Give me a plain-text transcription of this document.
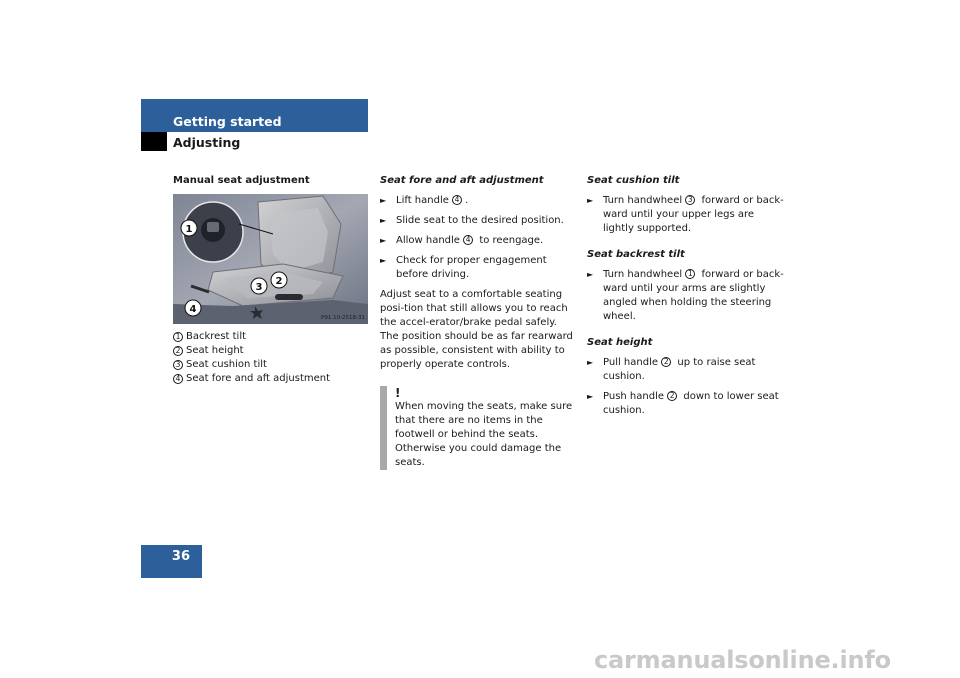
Getting started
Adjusting
Manual seat adjustment
1
2
3
4
P91.10-2518-31
1 Backrest tilt
2 Seat height
3 Seat cushion tilt
4 Seat fore and aft adjustment
Seat fore and aft adjustment
► Lift handle 4 .
► Slide seat to the desired position.
► Allow handle 4 to reengage.
► Check for proper engagement before driving.
Adjust seat to a comfortable seating posi-tion that still allows you to reach the accel-erator/brake pedal safely. The position should be as far rearward as possible, consistent with ability to properly operate controls.
!
When moving the seats, make sure that there are no items in the footwell or behind the seats. Otherwise you could damage the seats.
Seat cushion tilt
► Turn handwheel 3 forward or back-ward until your upper legs are lightly supported.
Seat backrest tilt
► Turn handwheel 1 forward or back-ward until your arms are slightly angled when holding the steering wheel.
Seat height
► Pull handle 2 up to raise seat cushion.
► Push handle 2 down to lower seat cushion.
36
carmanualsonline.info
